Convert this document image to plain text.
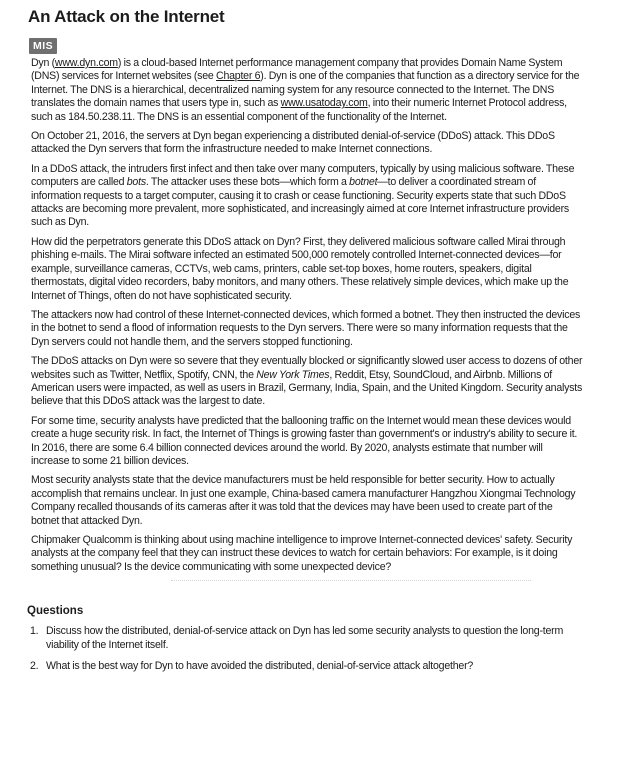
An Attack on the Internet
MIS

Dyn (www.dyn.com) is a cloud-based Internet performance management company that provides Domain Name System (DNS) services for Internet websites (see Chapter 6). Dyn is one of the companies that function as a directory service for the Internet. The DNS is a hierarchical, decentralized naming system for any resource connected to the Internet. The DNS translates the domain names that users type in, such as www.usatoday.com, into their numeric Internet Protocol address, such as 184.50.238.11. The DNS is an essential component of the functionality of the Internet.

On October 21, 2016, the servers at Dyn began experiencing a distributed denial-of-service (DDoS) attack. This DDoS attacked the Dyn servers that form the infrastructure needed to make Internet connections.

In a DDoS attack, the intruders first infect and then take over many computers, typically by using malicious software. These computers are called bots. The attacker uses these bots—which form a botnet—to deliver a coordinated stream of information requests to a target computer, causing it to crash or cease functioning. Security experts state that such DDoS attacks are becoming more prevalent, more sophisticated, and increasingly aimed at core Internet infrastructure providers such as Dyn.

How did the perpetrators generate this DDoS attack on Dyn? First, they delivered malicious software called Mirai through phishing e-mails. The Mirai software infected an estimated 500,000 remotely controlled Internet-connected devices—for example, surveillance cameras, CCTVs, web cams, printers, cable set-top boxes, home routers, speakers, digital thermostats, digital video recorders, baby monitors, and many others. These relatively simple devices, which make up the Internet of Things, often do not have sophisticated security.

The attackers now had control of these Internet-connected devices, which formed a botnet. They then instructed the devices in the botnet to send a flood of information requests to the Dyn servers. There were so many information requests that the Dyn servers could not handle them, and the servers stopped functioning.

The DDoS attacks on Dyn were so severe that they eventually blocked or significantly slowed user access to dozens of other websites such as Twitter, Netflix, Spotify, CNN, the New York Times, Reddit, Etsy, SoundCloud, and Airbnb. Millions of American users were impacted, as well as users in Brazil, Germany, India, Spain, and the United Kingdom. Security analysts believe that this DDoS attack was the largest to date.

For some time, security analysts have predicted that the ballooning traffic on the Internet would mean these devices would create a huge security risk. In fact, the Internet of Things is growing faster than government's or industry's ability to secure it. In 2016, there are some 6.4 billion connected devices around the world. By 2020, analysts estimate that number will increase to some 21 billion devices.

Most security analysts state that the device manufacturers must be held responsible for better security. How to actually accomplish that remains unclear. In just one example, China-based camera manufacturer Hangzhou Xiongmai Technology Company recalled thousands of its cameras after it was told that the devices may have been used to create part of the botnet that attacked Dyn.

Chipmaker Qualcomm is thinking about using machine intelligence to improve Internet-connected devices' safety. Security analysts at the company feel that they can instruct these devices to watch for certain behaviors: For example, is it doing something unusual? Is the device communicating with some unexpected device?

Questions
1. Discuss how the distributed, denial-of-service attack on Dyn has led some security analysts to question the long-term viability of the Internet itself.
2. What is the best way for Dyn to have avoided the distributed, denial-of-service attack altogether?
